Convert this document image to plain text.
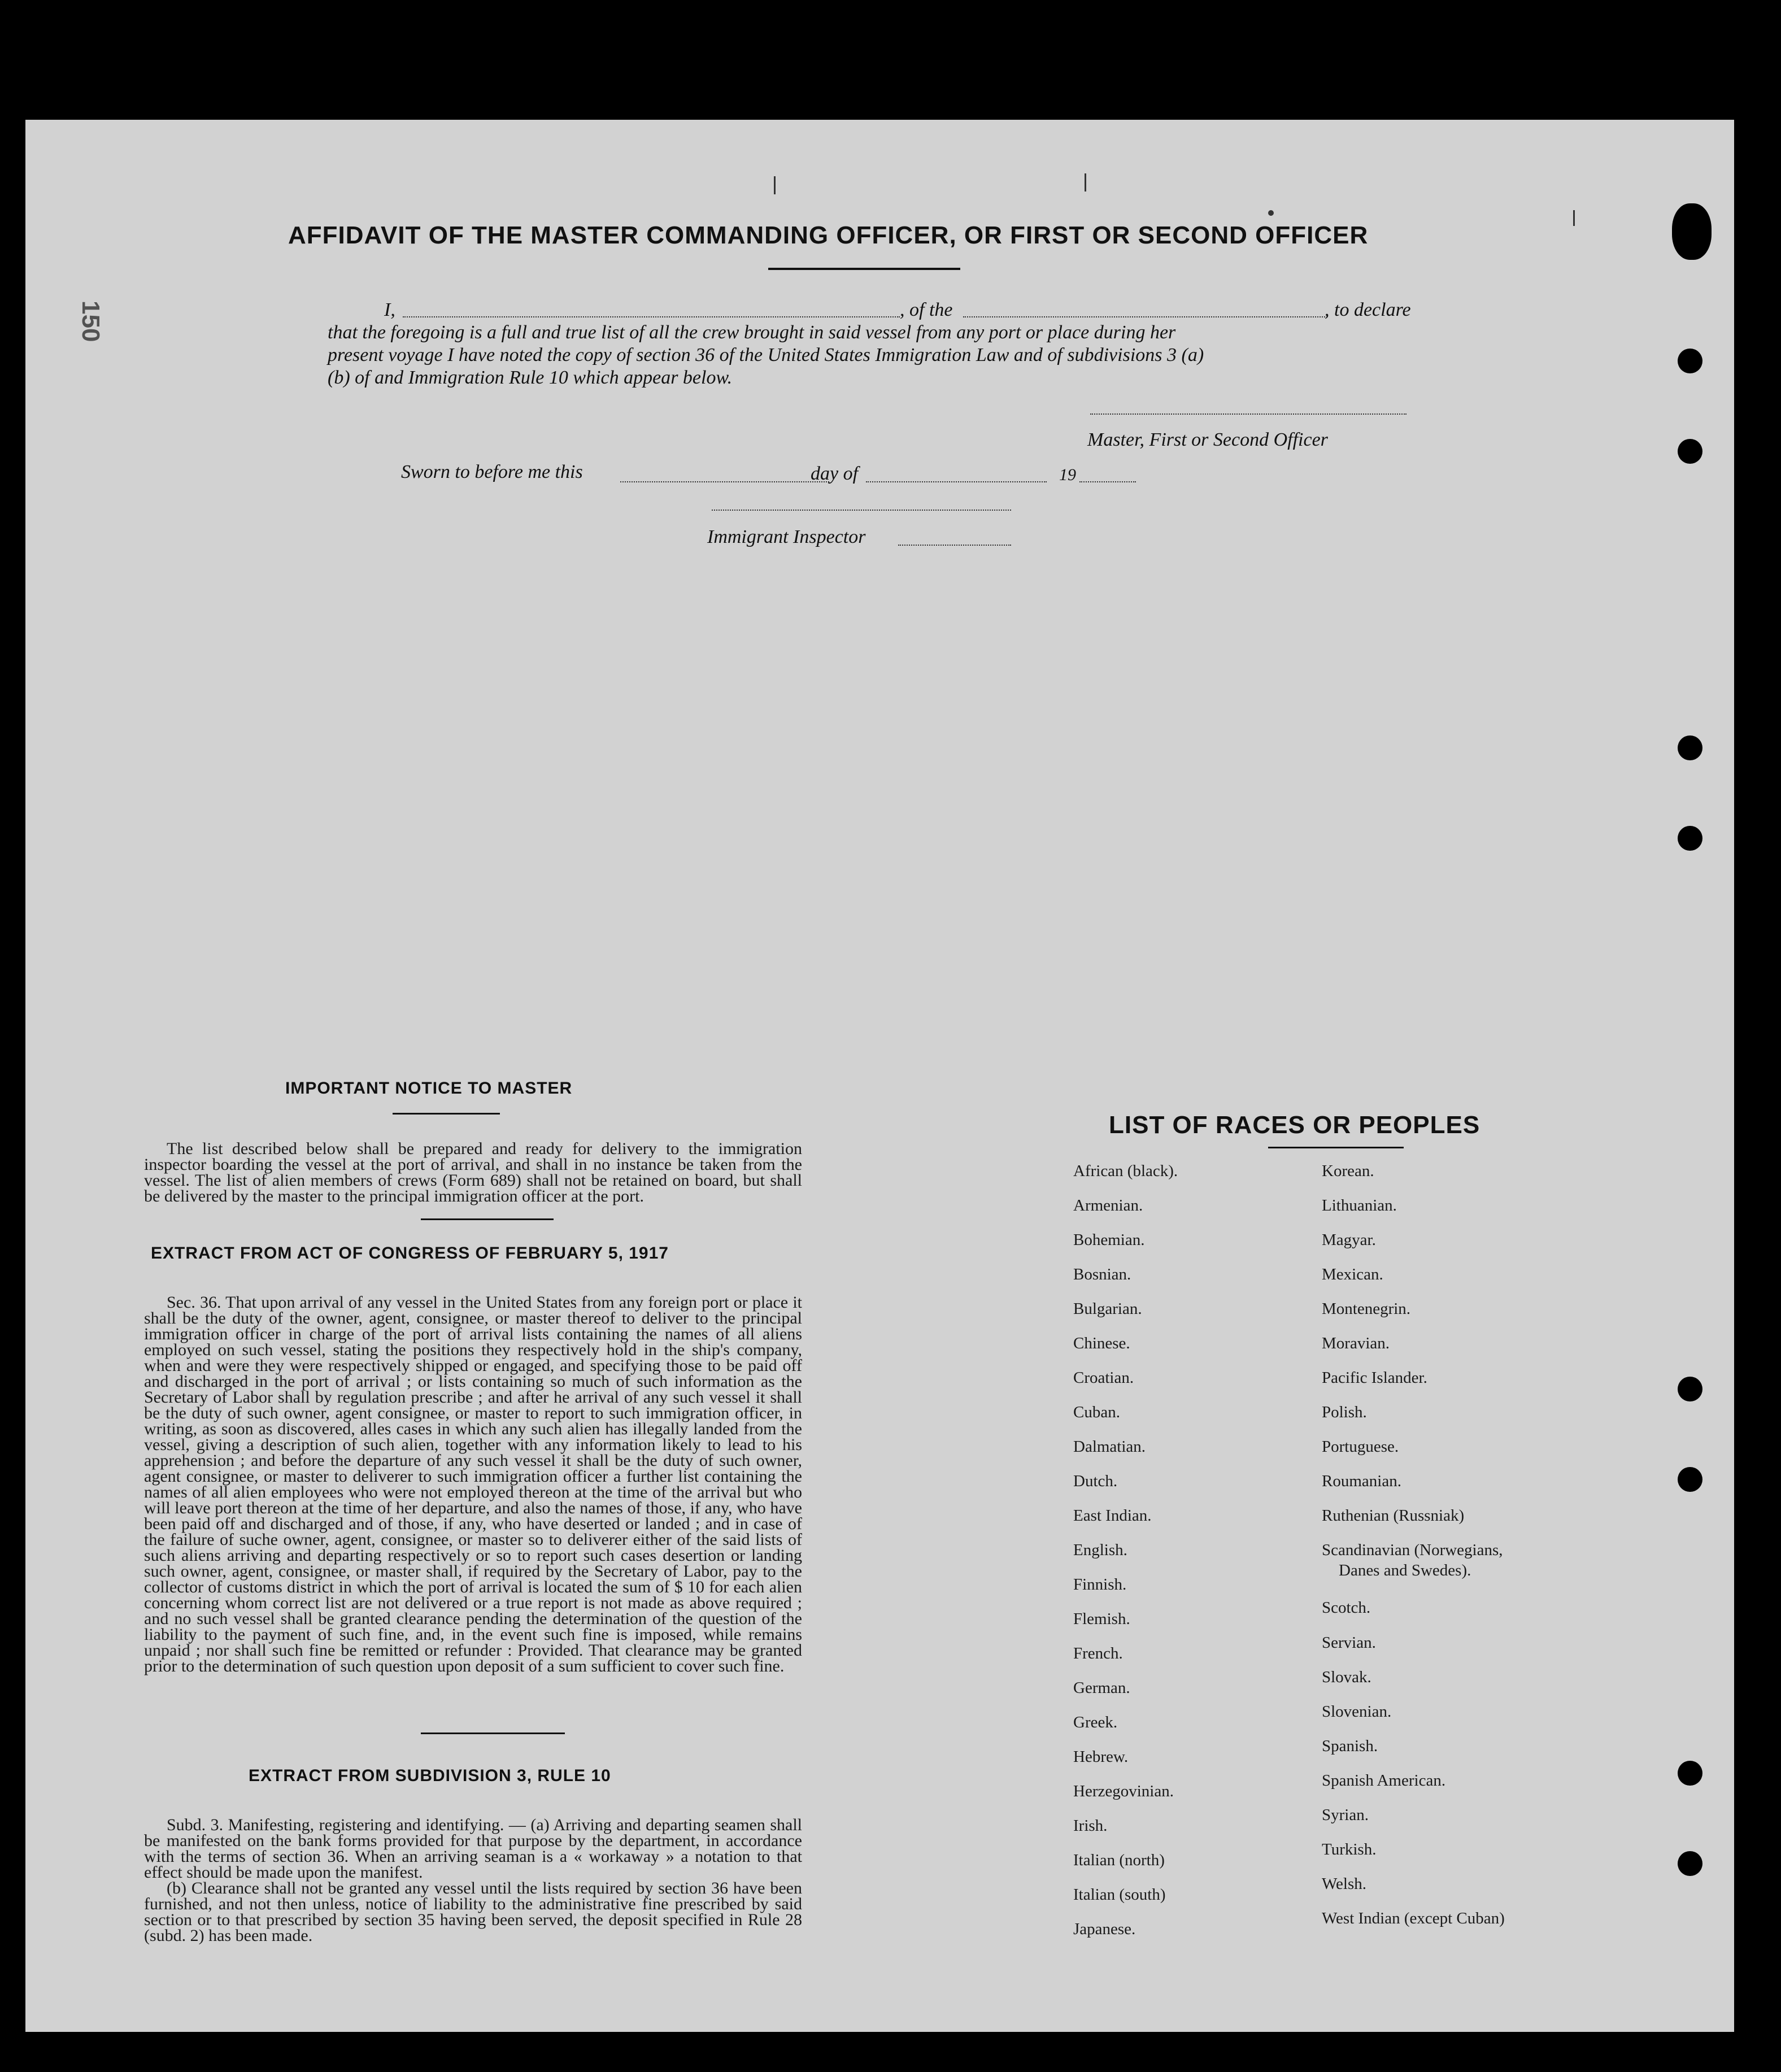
150
AFFIDAVIT OF THE MASTER COMMANDING OFFICER, OR FIRST OR SECOND OFFICER
I,	, of the	, to declare
that the foregoing is a full and true list of all the crew brought in said vessel from any port or place during her
present voyage I have noted the copy of section 36 of the United States Immigration Law and of subdivisions 3 (a)
(b) of and Immigration Rule 10 which appear below.
Master, First or Second Officer
Sworn to before me this	day of	19
Immigrant Inspector
IMPORTANT NOTICE TO MASTER
The list described below shall be prepared and ready for delivery to the immigration inspector boarding the vessel at the port of arrival, and shall in no instance be taken from the vessel. The list of alien members of crews (Form 689) shall not be retained on board, but shall be delivered by the master to the principal immigration officer at the port.
EXTRACT FROM ACT OF CONGRESS OF FEBRUARY 5, 1917
Sec. 36. That upon arrival of any vessel in the United States from any foreign port or place it shall be the duty of the owner, agent, consignee, or master thereof to deliver to the principal immigration officer in charge of the port of arrival lists containing the names of all aliens employed on such vessel, stating the positions they respectively hold in the ship's company, when and were they were respectively shipped or engaged, and specifying those to be paid off and discharged in the port of arrival ; or lists containing so much of such information as the Secretary of Labor shall by regulation prescribe ; and after he arrival of any such vessel it shall be the duty of such owner, agent consignee, or master to report to such immigration officer, in writing, as soon as discovered, alles cases in which any such alien has illegally landed from the vessel, giving a description of such alien, together with any information likely to lead to his apprehension ; and before the departure of any such vessel it shall be the duty of such owner, agent consignee, or master to deliverer to such immigration officer a further list containing the names of all alien employees who were not employed thereon at the time of the arrival but who will leave port thereon at the time of her departure, and also the names of those, if any, who have been paid off and discharged and of those, if any, who have deserted or landed ; and in case of the failure of suche owner, agent, consignee, or master so to deliverer either of the said lists of such aliens arriving and departing respectively or so to report such cases desertion or landing such owner, agent, consignee, or master shall, if required by the Secretary of Labor, pay to the collector of customs district in which the port of arrival is located the sum of $ 10 for each alien concerning whom correct list are not delivered or a true report is not made as above required ; and no such vessel shall be granted clearance pending the determination of the question of the liability to the payment of such fine, and, in the event such fine is imposed, while remains unpaid ; nor shall such fine be remitted or refunder : Provided. That clearance may be granted prior to the determination of such question upon deposit of a sum sufficient to cover such fine.
EXTRACT FROM SUBDIVISION 3, RULE 10
Subd. 3. Manifesting, registering and identifying. — (a) Arriving and departing seamen shall be manifested on the bank forms provided for that purpose by the department, in accordance with the terms of section 36. When an arriving seaman is a « workaway » a notation to that effect should be made upon the manifest.
(b) Clearance shall not be granted any vessel until the lists required by section 36 have been furnished, and not then unless, notice of liability to the administrative fine prescribed by said section or to that prescribed by section 35 having been served, the deposit specified in Rule 28 (subd. 2) has been made.
LIST OF RACES OR PEOPLES
African (black).
Armenian.
Bohemian.
Bosnian.
Bulgarian.
Chinese.
Croatian.
Cuban.
Dalmatian.
Dutch.
East Indian.
English.
Finnish.
Flemish.
French.
German.
Greek.
Hebrew.
Herzegovinian.
Irish.
Italian (north)
Italian (south)
Japanese.
Korean.
Lithuanian.
Magyar.
Mexican.
Montenegrin.
Moravian.
Pacific Islander.
Polish.
Portuguese.
Roumanian.
Ruthenian (Russniak)
Scandinavian (Norwegians,
Danes and Swedes).
Scotch.
Servian.
Slovak.
Slovenian.
Spanish.
Spanish American.
Syrian.
Turkish.
Welsh.
West Indian (except Cuban)
